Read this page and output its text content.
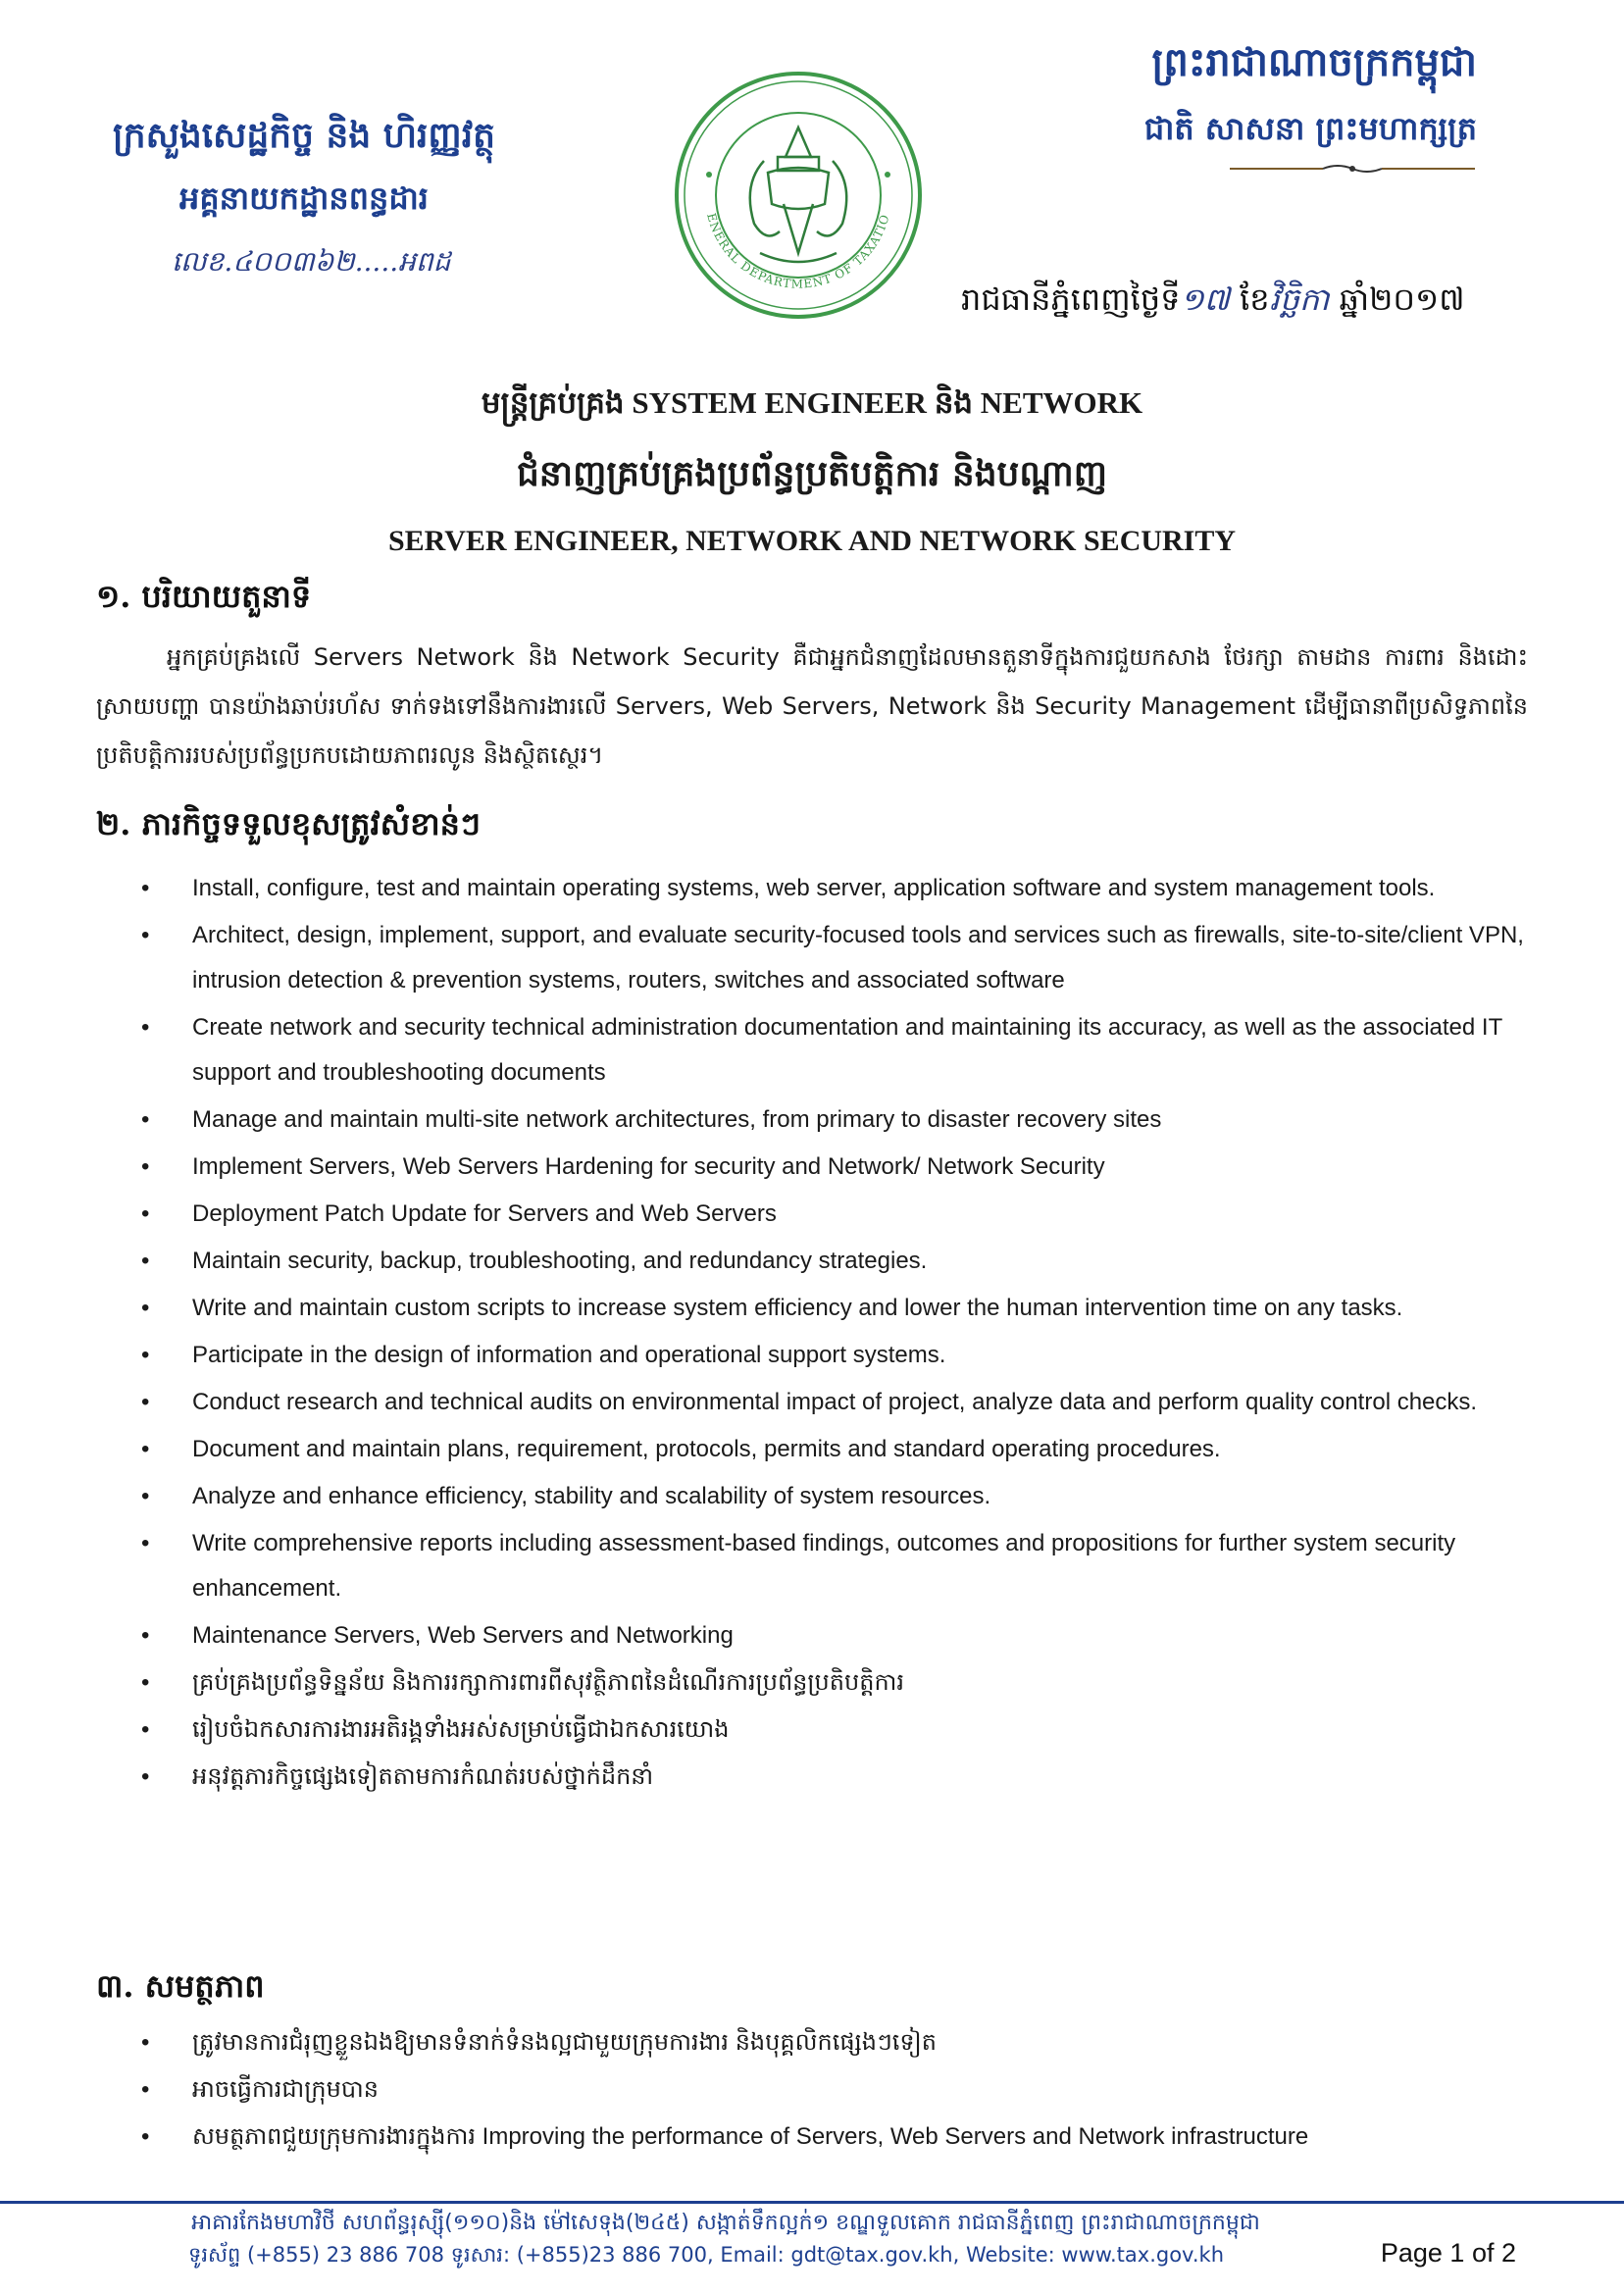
ក្រសួងសេដ្ឋកិច្ច និង ហិរញ្ញវត្ថុ
អគ្គនាយកដ្ឋានពន្ធដារ
លេខ.៤០០៣៦២.....អពដ
ENERAL DEPARTMENT OF TAXATIO
ព្រះរាជាណាចក្រកម្ពុជា
ជាតិ សាសនា ព្រះមហាក្សត្រ
រាជធានីភ្នំពេញថ្ងៃទី១៧ ខែវិច្ឆិកា ឆ្នាំ២០១៧
មន្ត្រីគ្រប់គ្រង SYSTEM ENGINEER និង NETWORK
ជំនាញគ្រប់គ្រងប្រព័ន្ធប្រតិបត្តិការ និងបណ្តាញ
SERVER ENGINEER, NETWORK AND NETWORK SECURITY
១. បរិយាយតួនាទី
អ្នកគ្រប់គ្រងលើ Servers Network និង Network Security គឺជាអ្នកជំនាញដែលមានតួនាទីក្នុងការជួយកសាង ថែរក្សា តាមដាន ការពារ និងដោះស្រាយបញ្ហា បានយ៉ាងឆាប់រហ័ស ទាក់ទងទៅនឹងការងារលើ Servers, Web Servers, Network និង Security Management ដើម្បីធានាពីប្រសិទ្ធភាពនៃប្រតិបត្តិការរបស់ប្រព័ន្ធប្រកបដោយភាពរលូន និងស្ថិតស្ថេរ។
២. ភារកិច្ចទទួលខុសត្រូវសំខាន់ៗ
• Install, configure, test and maintain operating systems, web server, application software and system management tools.
• Architect, design, implement, support, and evaluate security-focused tools and services such as firewalls, site-to-site/client VPN, intrusion detection & prevention systems, routers, switches and associated software
• Create network and security technical administration documentation and maintaining its accuracy, as well as the associated IT support and troubleshooting documents
• Manage and maintain multi-site network architectures, from primary to disaster recovery sites
• Implement Servers, Web Servers Hardening for security and Network/ Network Security
• Deployment Patch Update for Servers and Web Servers
• Maintain security, backup, troubleshooting, and redundancy strategies.
• Write and maintain custom scripts to increase system efficiency and lower the human intervention time on any tasks.
• Participate in the design of information and operational support systems.
• Conduct research and technical audits on environmental impact of project, analyze data and perform quality control checks.
• Document and maintain plans, requirement, protocols, permits and standard operating procedures.
• Analyze and enhance efficiency, stability and scalability of system resources.
• Write comprehensive reports including assessment-based findings, outcomes and propositions for further system security enhancement.
• Maintenance Servers, Web Servers and Networking
• គ្រប់គ្រងប្រព័ន្ធទិន្នន័យ និងការរក្សាការពារពីសុវត្ថិភាពនៃដំណើរការប្រព័ន្ធប្រតិបត្តិការ
• រៀបចំឯកសារការងារអតិរង្គទាំងអស់សម្រាប់ធ្វើជាឯកសារយោង
• អនុវត្តភារកិច្ចផ្សេងទៀតតាមការកំណត់របស់ថ្នាក់ដឹកនាំ
៣. សមត្ថភាព
• ត្រូវមានការជំរុញខ្លួនឯងឱ្យមានទំនាក់ទំនងល្អជាមួយក្រុមការងារ និងបុគ្គលិកផ្សេងៗទៀត
• អាចធ្វើការជាក្រុមបាន
• សមត្ថភាពជួយក្រុមការងារក្នុងការ Improving the performance of Servers, Web Servers and Network infrastructure
អាគារកែងមហាវិថី សហព័ន្ធរុស្ស៊ី(១១០)និង ម៉ៅសេទុង(២៤៥) សង្កាត់ទឹកល្អក់១ ខណ្ឌទួលគោក រាជធានីភ្នំពេញ ព្រះរាជាណាចក្រកម្ពុជា
ទូរស័ព្ទ (+855) 23 886 708 ទូរសារ: (+855)23 886 700, Email: gdt@tax.gov.kh, Website: www.tax.gov.kh	Page 1 of 2
